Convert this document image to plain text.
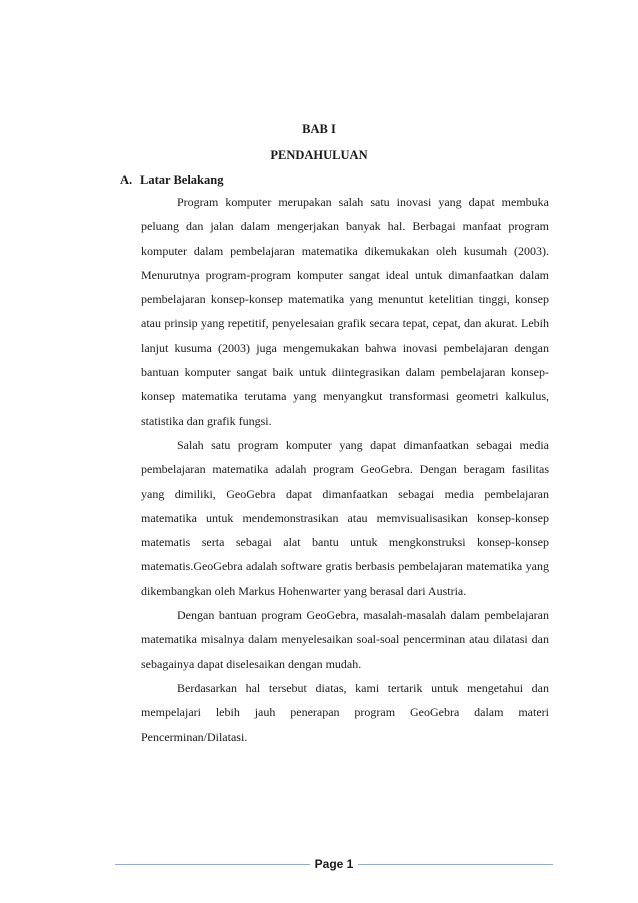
BAB I
PENDAHULUAN
A. Latar Belakang

Program komputer merupakan salah satu inovasi yang dapat membuka peluang dan jalan dalam mengerjakan banyak hal. Berbagai manfaat program komputer dalam pembelajaran matematika dikemukakan oleh kusumah (2003). Menurutnya program-program komputer sangat ideal untuk dimanfaatkan dalam pembelajaran konsep-konsep matematika yang menuntut ketelitian tinggi, konsep atau prinsip yang repetitif, penyelesaian grafik secara tepat, cepat, dan akurat. Lebih lanjut kusuma (2003) juga mengemukakan bahwa inovasi pembelajaran dengan bantuan komputer sangat baik untuk diintegrasikan dalam pembelajaran konsep-konsep matematika terutama yang menyangkut transformasi geometri kalkulus, statistika dan grafik fungsi.

Salah satu program komputer yang dapat dimanfaatkan sebagai media pembelajaran matematika adalah program GeoGebra. Dengan beragam fasilitas yang dimiliki, GeoGebra dapat dimanfaatkan sebagai media pembelajaran matematika untuk mendemonstrasikan atau memvisualisasikan konsep-konsep matematis serta sebagai alat bantu untuk mengkonstruksi konsep-konsep matematis.GeoGebra adalah software gratis berbasis pembelajaran matematika yang dikembangkan oleh Markus Hohenwarter yang berasal dari Austria.

Dengan bantuan program GeoGebra, masalah-masalah dalam pembelajaran matematika misalnya dalam menyelesaikan soal-soal pencerminan atau dilatasi dan sebagainya dapat diselesaikan dengan mudah.

Berdasarkan hal tersebut diatas, kami tertarik untuk mengetahui dan mempelajari lebih jauh penerapan program GeoGebra dalam materi Pencerminan/Dilatasi.

Page 1
